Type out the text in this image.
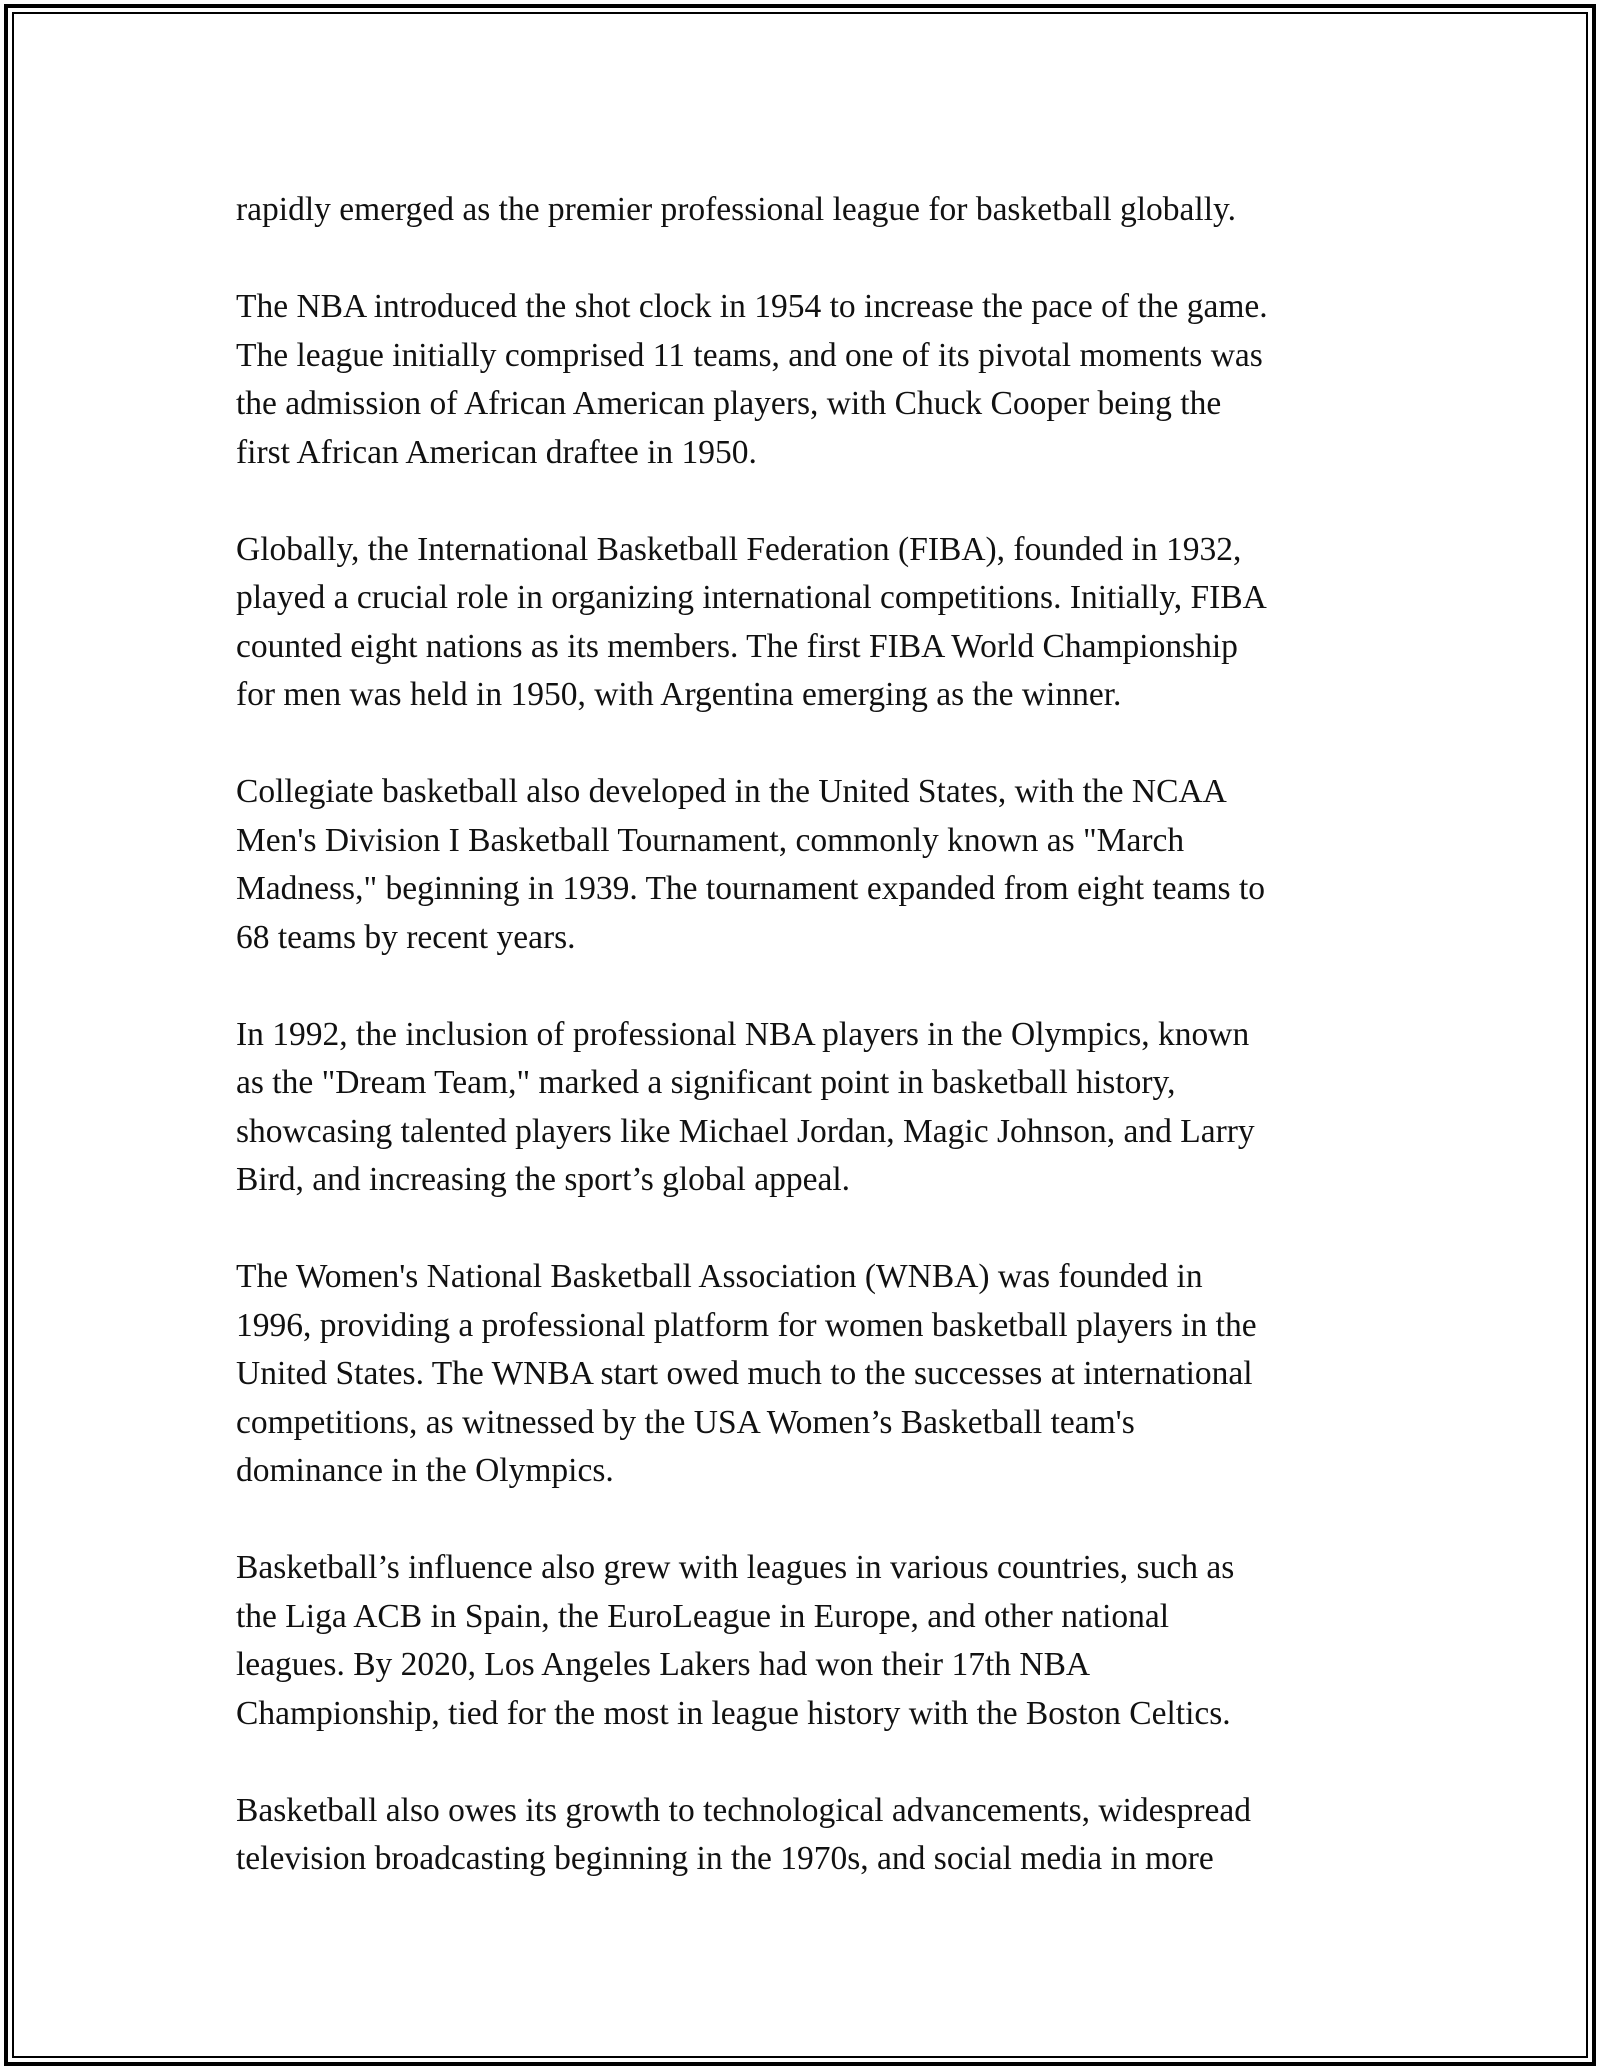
rapidly emerged as the premier professional league for basketball globally.

The NBA introduced the shot clock in 1954 to increase the pace of the game.
The league initially comprised 11 teams, and one of its pivotal moments was
the admission of African American players, with Chuck Cooper being the
first African American draftee in 1950.

Globally, the International Basketball Federation (FIBA), founded in 1932,
played a crucial role in organizing international competitions. Initially, FIBA
counted eight nations as its members. The first FIBA World Championship
for men was held in 1950, with Argentina emerging as the winner.

Collegiate basketball also developed in the United States, with the NCAA
Men's Division I Basketball Tournament, commonly known as "March
Madness," beginning in 1939. The tournament expanded from eight teams to
68 teams by recent years.

In 1992, the inclusion of professional NBA players in the Olympics, known
as the "Dream Team," marked a significant point in basketball history,
showcasing talented players like Michael Jordan, Magic Johnson, and Larry
Bird, and increasing the sport’s global appeal.

The Women's National Basketball Association (WNBA) was founded in
1996, providing a professional platform for women basketball players in the
United States. The WNBA start owed much to the successes at international
competitions, as witnessed by the USA Women’s Basketball team's
dominance in the Olympics.

Basketball’s influence also grew with leagues in various countries, such as
the Liga ACB in Spain, the EuroLeague in Europe, and other national
leagues. By 2020, Los Angeles Lakers had won their 17th NBA
Championship, tied for the most in league history with the Boston Celtics.

Basketball also owes its growth to technological advancements, widespread
television broadcasting beginning in the 1970s, and social media in more
